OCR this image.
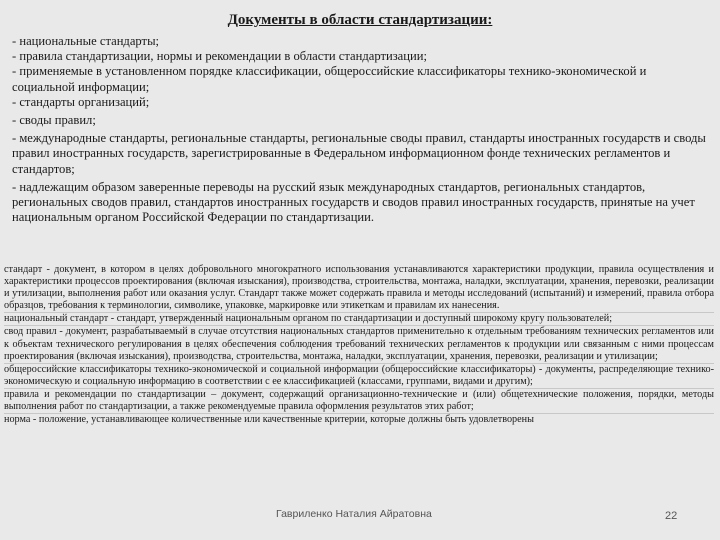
Документы в области стандартизации:
- национальные стандарты;
- правила стандартизации, нормы и рекомендации в области стандартизации;
- применяемые в установленном порядке классификации, общероссийские классификаторы технико-экономической и социальной информации;
- стандарты организаций;
- своды правил;
- международные стандарты, региональные стандарты, региональные своды правил, стандарты иностранных государств и своды правил иностранных государств, зарегистрированные в Федеральном информационном фонде технических регламентов и стандартов;
- надлежащим образом заверенные переводы на русский язык международных стандартов, региональных стандартов, региональных сводов правил, стандартов иностранных государств и сводов правил иностранных государств, принятые на учет национальным органом Российской Федерации по стандартизации.
стандарт - документ, в котором в целях добровольного многократного использования устанавливаются характеристики продукции, правила осуществления и характеристики процессов проектирования (включая изыскания), производства, строительства, монтажа, наладки, эксплуатации, хранения, перевозки, реализации и утилизации, выполнения работ или оказания услуг. Стандарт также может содержать правила и методы исследований (испытаний) и измерений, правила отбора образцов, требования к терминологии, символике, упаковке, маркировке или этикеткам и правилам их нанесения.
национальный стандарт - стандарт, утвержденный национальным органом по стандартизации и доступный широкому кругу пользователей;
свод правил - документ, разрабатываемый в случае отсутствия национальных стандартов применительно к отдельным требованиям технических регламентов или к объектам технического регулирования в целях обеспечения соблюдения требований технических регламентов к продукции или связанным с ними процессам проектирования (включая изыскания), производства, строительства, монтажа, наладки, эксплуатации, хранения, перевозки, реализации и утилизации;
общероссийские классификаторы технико-экономической и социальной информации (общероссийские классификаторы) - документы, распределяющие технико-экономическую и социальную информацию в соответствии с ее классификацией (классами, группами, видами и другим);
правила и рекомендации по стандартизации – документ, содержащий организационно-технические и (или) общетехнические положения, порядки, методы выполнения работ по стандартизации, а также рекомендуемые правила оформления результатов этих работ;
норма - положение, устанавливающее количественные или качественные критерии, которые должны быть удовлетворены
Гавриленко Наталия Айратовна	22
